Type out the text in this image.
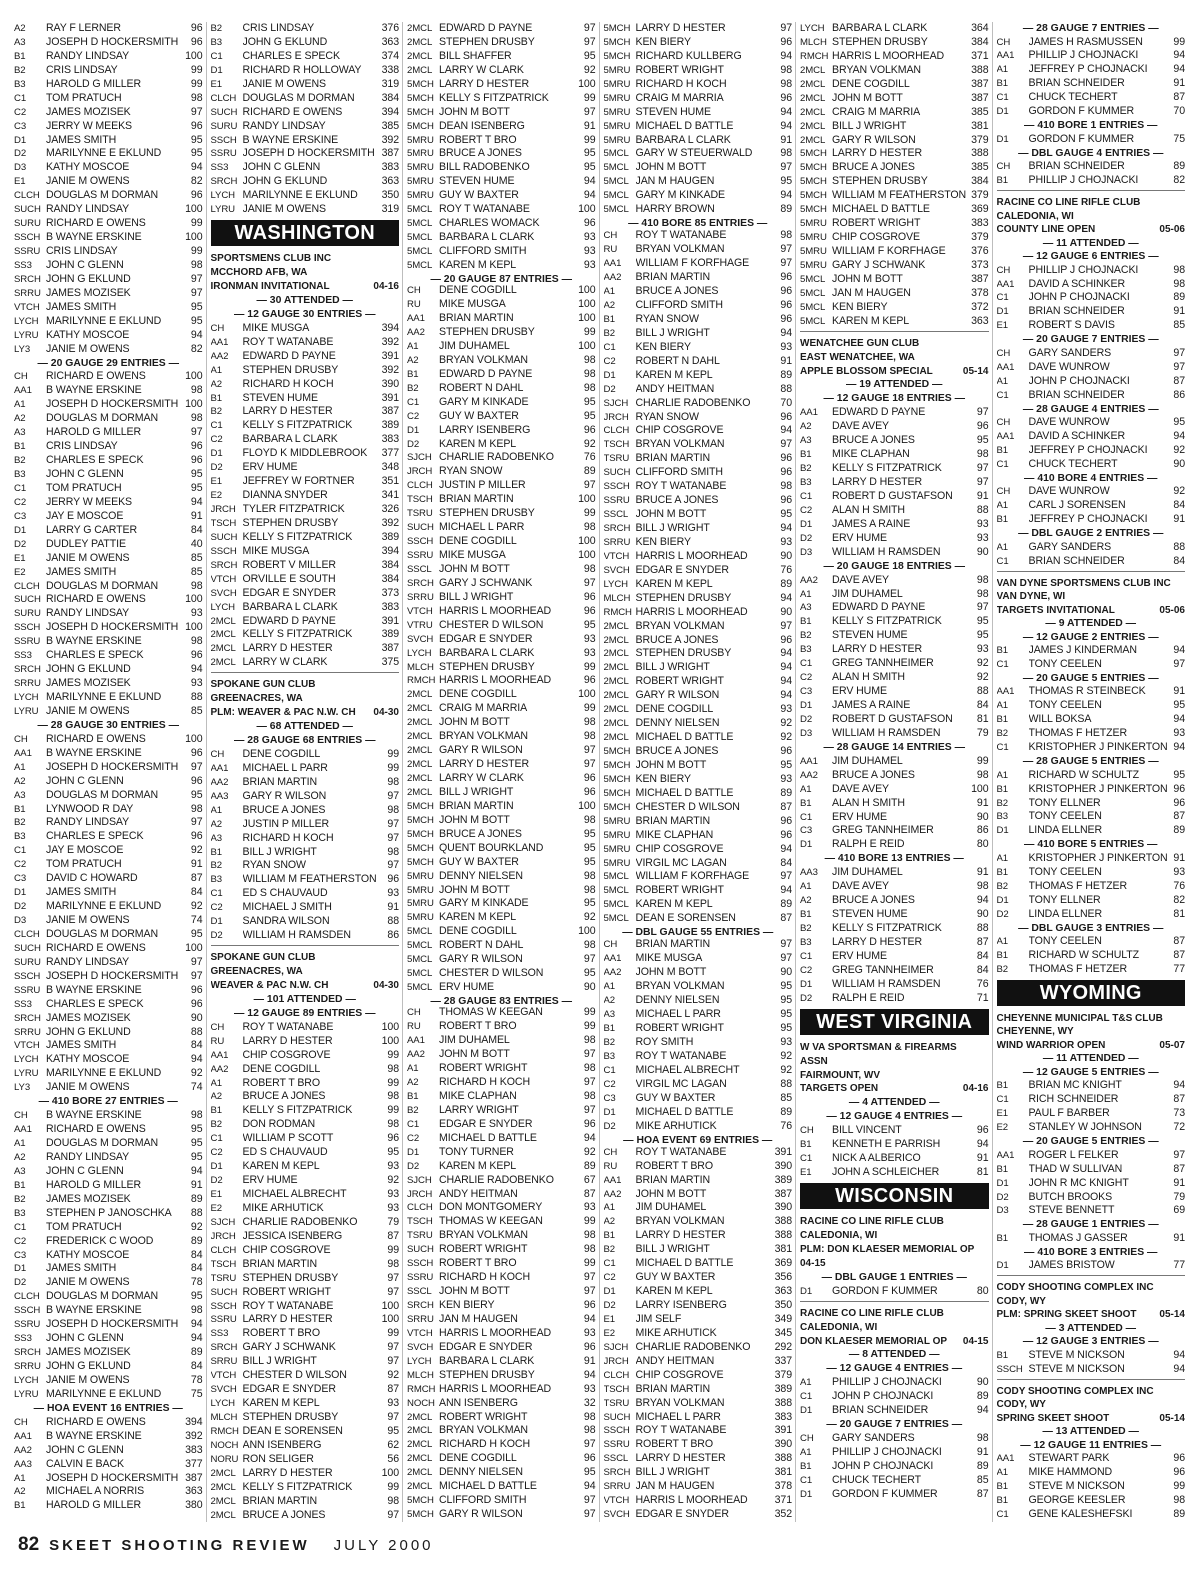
A2	RAY F LERNER	96
A3	JOSEPH D HOCKERSMITH	96
B1	RANDY LINDSAY	100
B2	CRIS LINDSAY	99
B3	HAROLD G MILLER	99
C1	TOM PRATUCH	98
C2	JAMES MOZISEK	97
C3	JERRY W MEEKS	96
D1	JAMES SMITH	95
D2	MARILYNNE E EKLUND	95
D3	KATHY MOSCOE	94
E1	JANIE M OWENS	82
CLCH DOUGLAS M DORMAN	96
SUCH RANDY LINDSAY	100
SURU RICHARD E OWENS	99
SSCH B WAYNE ERSKINE	100
SSRU CRIS LINDSAY	99
SS3	JOHN C GLENN	98
SRCH JOHN G EKLUND	97
SRRU JAMES MOZISEK	97
VTCH JAMES SMITH	95
LYCH MARILYNNE E EKLUND	95
LYRU KATHY MOSCOE	94
LY3	JANIE M OWENS	82
— 20 GAUGE 29 ENTRIES —
CH	RICHARD E OWENS	100
AA1	B WAYNE ERSKINE	98
A1	JOSEPH D HOCKERSMITH 100
A2	DOUGLAS M DORMAN	98
A3	HAROLD G MILLER	97
B1	CRIS LINDSAY	96
B2	CHARLES E SPECK	96
B3	JOHN C GLENN	95
C1	TOM PRATUCH	95
C2	JERRY W MEEKS	94
C3	JAY E MOSCOE	91
D1	LARRY G CARTER	84
D2	DUDLEY PATTIE	40
E1	JANIE M OWENS	85
E2	JAMES SMITH	85
CLCH DOUGLAS M DORMAN	98
SUCH RICHARD E OWENS	100
SURU RANDY LINDSAY	93
SSCH JOSEPH D HOCKERSMITH 100
SSRU B WAYNE ERSKINE	98
SS3	CHARLES E SPECK	96
SRCH JOHN G EKLUND	94
SRRU JAMES MOZISEK	93
LYCH MARILYNNE E EKLUND	88
LYRU JANIE M OWENS	85
— 28 GAUGE 30 ENTRIES —
CH	RICHARD E OWENS	100
AA1	B WAYNE ERSKINE	96
A1	JOSEPH D HOCKERSMITH	97
A2	JOHN C GLENN	96
A3	DOUGLAS M DORMAN	95
B1	LYNWOOD R DAY	98
B2	RANDY LINDSAY	97
B3	CHARLES E SPECK	96
C1	JAY E MOSCOE	92
C2	TOM PRATUCH	91
C3	DAVID C HOWARD	87
D1	JAMES SMITH	84
D2	MARILYNNE E EKLUND	92
D3	JANIE M OWENS	74
CLCH DOUGLAS M DORMAN	95
SUCH RICHARD E OWENS	100
SURU RANDY LINDSAY	97
SSCH JOSEPH D HOCKERSMITH	97
SSRU B WAYNE ERSKINE	96
SS3	CHARLES E SPECK	96
SRCH JAMES MOZISEK	90
SRRU JOHN G EKLUND	88
VTCH JAMES SMITH	84
LYCH KATHY MOSCOE	94
LYRU MARILYNNE E EKLUND	92
LY3	JANIE M OWENS	74
— 410 BORE 27 ENTRIES —
CH	B WAYNE ERSKINE	98
AA1	RICHARD E OWENS	95
A1	DOUGLAS M DORMAN	95
A2	RANDY LINDSAY	95
A3	JOHN C GLENN	94
B1	HAROLD G MILLER	91
B2	JAMES MOZISEK	89
B3	STEPHEN P JANOSCHKA	88
C1	TOM PRATUCH	92
C2	FREDERICK C WOOD	89
C3	KATHY MOSCOE	84
D1	JAMES SMITH	84
D2	JANIE M OWENS	78
CLCH DOUGLAS M DORMAN	95
SSCH B WAYNE ERSKINE	98
SSRU JOSEPH D HOCKERSMITH	94
SS3	JOHN C GLENN	94
SRCH JAMES MOZISEK	89
SRRU JOHN G EKLUND	84
LYCH JANIE M OWENS	78
LYRU MARILYNNE E EKLUND	75
— HOA EVENT 16 ENTRIES —
CH	RICHARD E OWENS	394
AA1	B WAYNE ERSKINE	392
AA2	JOHN C GLENN	383
AA3	CALVIN E BACK	377
A1	JOSEPH D HOCKERSMITH 387
A2	MICHAEL A NORRIS	363
B1	HAROLD G MILLER	380
B2	CRIS LINDSAY	376
B3	JOHN G EKLUND	363
C1	CHARLES E SPECK	374
D1	RICHARD R HOLLOWAY	338
E1	JANIE M OWENS	319
CLCH DOUGLAS M DORMAN	384
SUCH RICHARD E OWENS	394
SURU RANDY LINDSAY	385
SSCH B WAYNE ERSKINE	392
SSRU JOSEPH D HOCKERSMITH 387
SS3	JOHN C GLENN	383
SRCH JOHN G EKLUND	363
LYCH MARILYNNE E EKLUND	350
LYRU JANIE M OWENS	319
WASHINGTON
SPORTSMENS CLUB INC
MCCHORD AFB, WA
IRONMAN INVITATIONAL	04-16
— 30 ATTENDED —
— 12 GAUGE 30 ENTRIES —
CH	MIKE MUSGA	394
AA1	ROY T WATANABE	392
AA2	EDWARD D PAYNE	391
A1	STEPHEN DRUSBY	392
A2	RICHARD H KOCH	390
B1	STEVEN HUME	391
B2	LARRY D HESTER	387
C1	KELLY S FITZPATRICK	389
C2	BARBARA L CLARK	383
D1	FLOYD K MIDDLEBROOK	377
D2	ERV HUME	348
E1	JEFFREY W FORTNER	351
E2	DIANNA SNYDER	341
JRCH TYLER FITZPATRICK	326
TSCH STEPHEN DRUSBY	392
SUCH KELLY S FITZPATRICK	389
SSCH MIKE MUSGA	394
SRCH ROBERT V MILLER	384
VTCH ORVILLE E SOUTH	384
SVCH EDGAR E SNYDER	373
LYCH BARBARA L CLARK	383
2MCL EDWARD D PAYNE	391
2MCL KELLY S FITZPATRICK	389
2MCL LARRY D HESTER	387
2MCL LARRY W CLARK	375
SPOKANE GUN CLUB
GREENACRES, WA
PLM: WEAVER & PAC N.W. CH 04-30
— 68 ATTENDED —
— 28 GAUGE 68 ENTRIES —
CH	DENE COGDILL	99
AA1	MICHAEL L PARR	99
AA2	BRIAN MARTIN	98
AA3	GARY R WILSON	97
A1	BRUCE A JONES	98
A2	JUSTIN P MILLER	97
A3	RICHARD H KOCH	97
B1	BILL J WRIGHT	98
B2	RYAN SNOW	97
B3	WILLIAM M FEATHERSTON	96
C1	ED S CHAUVAUD	93
C2	MICHAEL J SMITH	91
D1	SANDRA WILSON	88
D2	WILLIAM H RAMSDEN	86
SPOKANE GUN CLUB
GREENACRES, WA
WEAVER & PAC N.W. CH	04-30
— 101 ATTENDED —
— 12 GAUGE 89 ENTRIES —
CH	ROY T WATANABE	100
RU	LARRY D HESTER	100
AA1	CHIP COSGROVE	99
AA2	DENE COGDILL	98
A1	ROBERT T BRO	99
A2	BRUCE A JONES	98
B1	KELLY S FITZPATRICK	99
B2	DON RODMAN	98
C1	WILLIAM P SCOTT	96
C2	ED S CHAUVAUD	95
D1	KAREN M KEPL	93
D2	ERV HUME	92
E1	MICHAEL ALBRECHT	93
E2	MIKE ARHUTICK	93
SJCH CHARLIE RADOBENKO	79
JRCH JESSICA ISENBERG	87
CLCH CHIP COSGROVE	99
TSCH BRIAN MARTIN	98
TSRU STEPHEN DRUSBY	97
SUCH ROBERT WRIGHT	97
SSCH ROY T WATANABE	100
SSRU LARRY D HESTER	100
SS3	ROBERT T BRO	99
SRCH GARY J SCHWANK	97
SRRU BILL J WRIGHT	97
VTCH CHESTER D WILSON	92
SVCH EDGAR E SNYDER	87
LYCH KAREN M KEPL	93
MLCH STEPHEN DRUSBY	97
RMCH DEAN E SORENSEN	95
NOCH ANN ISENBERG	62
NORU RON SELIGER	56
2MCL LARRY D HESTER	100
2MCL KELLY S FITZPATRICK	99
2MCL BRIAN MARTIN	98
2MCL BRUCE A JONES	97
2MCL EDWARD D PAYNE	97
2MCL STEPHEN DRUSBY	97
2MCL BILL SHAFFER	95
2MCL LARRY W CLARK	92
5MCH LARRY D HESTER	100
5MCH KELLY S FITZPATRICK	99
5MCH JOHN M BOTT	97
5MCH DEAN ISENBERG	91
5MRU ROBERT T BRO	99
5MRU BRUCE A JONES	95
5MRU BILL RADOBENKO	95
5MRU STEVEN HUME	94
5MRU GUY W BAXTER	94
5MCL ROY T WATANABE	100
5MCL CHARLES WOMACK	96
5MCL BARBARA L CLARK	93
5MCL CLIFFORD SMITH	93
5MCL KAREN M KEPL	93
— 20 GAUGE 87 ENTRIES —
CH	DENE COGDILL	100
RU	MIKE MUSGA	100
AA1	BRIAN MARTIN	100
AA2	STEPHEN DRUSBY	99
A1	JIM DUHAMEL	100
A2	BRYAN VOLKMAN	98
B1	EDWARD D PAYNE	98
B2	ROBERT N DAHL	98
C1	GARY M KINKADE	95
C2	GUY W BAXTER	95
D1	LARRY ISENBERG	96
D2	KAREN M KEPL	92
SJCH CHARLIE RADOBENKO	76
JRCH RYAN SNOW	89
CLCH JUSTIN P MILLER	97
TSCH BRIAN MARTIN	100
TSRU STEPHEN DRUSBY	99
SUCH MICHAEL L PARR	98
SSCH DENE COGDILL	100
SSRU MIKE MUSGA	100
SSCL JOHN M BOTT	98
SRCH GARY J SCHWANK	97
SRRU BILL J WRIGHT	96
VTCH HARRIS L MOORHEAD	96
VTRU CHESTER D WILSON	95
SVCH EDGAR E SNYDER	93
LYCH BARBARA L CLARK	93
MLCH STEPHEN DRUSBY	99
RMCH HARRIS L MOORHEAD	96
2MCL DENE COGDILL	100
2MCL CRAIG M MARRIA	99
2MCL JOHN M BOTT	98
2MCL BRYAN VOLKMAN	98
2MCL GARY R WILSON	97
2MCL LARRY D HESTER	97
2MCL LARRY W CLARK	96
2MCL BILL J WRIGHT	96
5MCH BRIAN MARTIN	100
5MCH JOHN M BOTT	98
5MCH BRUCE A JONES	95
5MCH QUENT BOURKLAND	95
5MCH GUY W BAXTER	95
5MRU DENNY NIELSEN	98
5MRU JOHN M BOTT	98
5MRU GARY M KINKADE	95
5MRU KAREN M KEPL	92
5MCL DENE COGDILL	100
5MCL ROBERT N DAHL	98
5MCL GARY R WILSON	97
5MCL CHESTER D WILSON	95
5MCL ERV HUME	90
— 28 GAUGE 83 ENTRIES —
CH	THOMAS W KEEGAN	99
RU	ROBERT T BRO	99
AA1	JIM DUHAMEL	98
AA2	JOHN M BOTT	97
A1	ROBERT WRIGHT	98
A2	RICHARD H KOCH	97
B1	MIKE CLAPHAN	98
B2	LARRY WRIGHT	97
C1	EDGAR E SNYDER	96
C2	MICHAEL D BATTLE	94
D1	TONY TURNER	92
D2	KAREN M KEPL	89
SJCH CHARLIE RADOBENKO	67
JRCH ANDY HEITMAN	87
CLCH DON MONTGOMERY	93
TSCH THOMAS W KEEGAN	99
TSRU BRYAN VOLKMAN	98
SUCH ROBERT WRIGHT	98
SSCH ROBERT T BRO	99
SSRU RICHARD H KOCH	97
SSCL JOHN M BOTT	97
SRCH KEN BIERY	96
SRRU JAN M HAUGEN	94
VTCH HARRIS L MOORHEAD	93
SVCH EDGAR E SNYDER	96
LYCH BARBARA L CLARK	91
MLCH STEPHEN DRUSBY	94
RMCH HARRIS L MOORHEAD	93
NOCH ANN ISENBERG	32
2MCL ROBERT WRIGHT	98
2MCL BRYAN VOLKMAN	98
2MCL RICHARD H KOCH	97
2MCL DENE COGDILL	96
2MCL DENNY NIELSEN	95
2MCL MICHAEL D BATTLE	94
5MCH CLIFFORD SMITH	97
5MCH GARY R WILSON	97
5MCH LARRY D HESTER	97
5MCH KEN BIERY	96
5MCH RICHARD KULLBERG	94
5MRU ROBERT WRIGHT	98
5MRU RICHARD H KOCH	98
5MRU CRAIG M MARRIA	96
5MRU STEVEN HUME	94
5MRU MICHAEL D BATTLE	94
5MRU BARBARA L CLARK	91
5MCL GARY W STEUERWALD	98
5MCL JOHN M BOTT	97
5MCL JAN M HAUGEN	95
5MCL GARY M KINKADE	94
5MCL HARRY BROWN	89
— 410 BORE 85 ENTRIES —
CH	ROY T WATANABE	98
RU	BRYAN VOLKMAN	97
AA1	WILLIAM F KORFHAGE	97
AA2	BRIAN MARTIN	96
A1	BRUCE A JONES	96
A2	CLIFFORD SMITH	96
B1	RYAN SNOW	96
B2	BILL J WRIGHT	94
C1	KEN BIERY	93
C2	ROBERT N DAHL	91
D1	KAREN M KEPL	89
D2	ANDY HEITMAN	88
SJCH CHARLIE RADOBENKO	70
JRCH RYAN SNOW	96
CLCH CHIP COSGROVE	94
TSCH BRYAN VOLKMAN	97
TSRU BRIAN MARTIN	96
SUCH CLIFFORD SMITH	96
SSCH ROY T WATANABE	98
SSRU BRUCE A JONES	96
SSCL JOHN M BOTT	95
SRCH BILL J WRIGHT	94
SRRU KEN BIERY	93
VTCH HARRIS L MOORHEAD	90
SVCH EDGAR E SNYDER	76
LYCH KAREN M KEPL	89
MLCH STEPHEN DRUSBY	94
RMCH HARRIS L MOORHEAD	90
2MCL BRYAN VOLKMAN	97
2MCL BRUCE A JONES	96
2MCL STEPHEN DRUSBY	94
2MCL BILL J WRIGHT	94
2MCL ROBERT WRIGHT	94
2MCL GARY R WILSON	94
2MCL DENE COGDILL	93
2MCL DENNY NIELSEN	92
2MCL MICHAEL D BATTLE	92
5MCH BRUCE A JONES	96
5MCH JOHN M BOTT	95
5MCH KEN BIERY	93
5MCH MICHAEL D BATTLE	89
5MCH CHESTER D WILSON	87
5MRU BRIAN MARTIN	96
5MRU MIKE CLAPHAN	96
5MRU CHIP COSGROVE	94
5MRU VIRGIL MC LAGAN	84
5MCL WILLIAM F KORFHAGE	97
5MCL ROBERT WRIGHT	94
5MCL KAREN M KEPL	89
5MCL DEAN E SORENSEN	87
— DBL GAUGE 55 ENTRIES —
CH	BRIAN MARTIN	97
AA1	MIKE MUSGA	97
AA2	JOHN M BOTT	90
A1	BRYAN VOLKMAN	95
A2	DENNY NIELSEN	95
A3	MICHAEL L PARR	95
B1	ROBERT WRIGHT	95
B2	ROY SMITH	93
B3	ROY T WATANABE	92
C1	MICHAEL ALBRECHT	92
C2	VIRGIL MC LAGAN	88
C3	GUY W BAXTER	85
D1	MICHAEL D BATTLE	89
D2	MIKE ARHUTICK	76
— HOA EVENT 69 ENTRIES —
CH	ROY T WATANABE	391
RU	ROBERT T BRO	390
AA1	BRIAN MARTIN	389
AA2	JOHN M BOTT	387
A1	JIM DUHAMEL	390
A2	BRYAN VOLKMAN	388
B1	LARRY D HESTER	388
B2	BILL J WRIGHT	381
C1	MICHAEL D BATTLE	369
C2	GUY W BAXTER	356
D1	KAREN M KEPL	363
D2	LARRY ISENBERG	350
E1	JIM SELF	349
E2	MIKE ARHUTICK	345
SJCH CHARLIE RADOBENKO	292
JRCH ANDY HEITMAN	337
CLCH CHIP COSGROVE	379
TSCH BRIAN MARTIN	389
TSRU BRYAN VOLKMAN	388
SUCH MICHAEL L PARR	383
SSCH ROY T WATANABE	391
SSRU ROBERT T BRO	390
SSCL LARRY D HESTER	388
SRCH BILL J WRIGHT	381
SRRU JAN M HAUGEN	378
VTCH HARRIS L MOORHEAD	371
SVCH EDGAR E SNYDER	352
LYCH BARBARA L CLARK	364
MLCH STEPHEN DRUSBY	384
RMCH HARRIS L MOORHEAD	371
2MCL BRYAN VOLKMAN	388
2MCL DENE COGDILL	387
2MCL JOHN M BOTT	387
2MCL CRAIG M MARRIA	385
2MCL BILL J WRIGHT	381
2MCL GARY R WILSON	379
5MCH LARRY D HESTER	388
5MCH BRUCE A JONES	385
5MCH STEPHEN DRUSBY	384
5MCH WILLIAM M FEATHERSTON 379
5MCH MICHAEL D BATTLE	369
5MRU ROBERT WRIGHT	383
5MRU CHIP COSGROVE	379
5MRU WILLIAM F KORFHAGE	376
5MRU GARY J SCHWANK	373
5MCL JOHN M BOTT	387
5MCL JAN M HAUGEN	378
5MCL KEN BIERY	372
5MCL KAREN M KEPL	363
WENATCHEE GUN CLUB
EAST WENATCHEE, WA
APPLE BLOSSOM SPECIAL	05-14
— 19 ATTENDED —
— 12 GAUGE 18 ENTRIES —
AA1	EDWARD D PAYNE	97
A2	DAVE AVEY	96
A3	BRUCE A JONES	95
B1	MIKE CLAPHAN	98
B2	KELLY S FITZPATRICK	97
B3	LARRY D HESTER	97
C1	ROBERT D GUSTAFSON	91
C2	ALAN H SMITH	88
D1	JAMES A RAINE	93
D2	ERV HUME	93
D3	WILLIAM H RAMSDEN	90
— 20 GAUGE 18 ENTRIES —
AA2	DAVE AVEY	98
A1	JIM DUHAMEL	98
A3	EDWARD D PAYNE	97
B1	KELLY S FITZPATRICK	95
B2	STEVEN HUME	95
B3	LARRY D HESTER	93
C1	GREG TANNHEIMER	92
C2	ALAN H SMITH	92
C3	ERV HUME	88
D1	JAMES A RAINE	84
D2	ROBERT D GUSTAFSON	81
D3	WILLIAM H RAMSDEN	79
— 28 GAUGE 14 ENTRIES —
AA1	JIM DUHAMEL	99
AA2	BRUCE A JONES	98
A1	DAVE AVEY	100
B1	ALAN H SMITH	91
C1	ERV HUME	90
C3	GREG TANNHEIMER	86
D1	RALPH E REID	80
— 410 BORE 13 ENTRIES —
AA3	JIM DUHAMEL	91
A1	DAVE AVEY	98
A2	BRUCE A JONES	94
B1	STEVEN HUME	90
B2	KELLY S FITZPATRICK	88
B3	LARRY D HESTER	87
C1	ERV HUME	84
C2	GREG TANNHEIMER	84
D1	WILLIAM H RAMSDEN	76
D2	RALPH E REID	71
WEST VIRGINIA
W VA SPORTSMAN & FIREARMS
ASSN
FAIRMOUNT, WV
TARGETS OPEN	04-16
— 4 ATTENDED —
— 12 GAUGE 4 ENTRIES —
CH	BILL VINCENT	96
B1	KENNETH E PARRISH	94
C1	NICK A ALBERICO	91
E1	JOHN A SCHLEICHER	81
WISCONSIN
RACINE CO LINE RIFLE CLUB
CALEDONIA, WI
PLM: DON KLAESER MEMORIAL OP
04-15
— DBL GAUGE 1 ENTRIES —
D1	GORDON F KUMMER	80
RACINE CO LINE RIFLE CLUB
CALEDONIA, WI
DON KLAESER MEMORIAL OP 04-15
— 8 ATTENDED —
— 12 GAUGE 4 ENTRIES —
A1	PHILLIP J CHOJNACKI	90
C1	JOHN P CHOJNACKI	89
D1	BRIAN SCHNEIDER	94
— 20 GAUGE 7 ENTRIES —
CH	GARY SANDERS	98
A1	PHILLIP J CHOJNACKI	91
B1	JOHN P CHOJNACKI	89
C1	CHUCK TECHERT	85
D1	GORDON F KUMMER	87
— 28 GAUGE 7 ENTRIES —
CH	JAMES H RASMUSSEN	99
AA1	PHILLIP J CHOJNACKI	94
A1	JEFFREY P CHOJNACKI	94
B1	BRIAN SCHNEIDER	91
C1	CHUCK TECHERT	87
D1	GORDON F KUMMER	70
— 410 BORE 1 ENTRIES —
D1	GORDON F KUMMER	75
— DBL GAUGE 4 ENTRIES —
CH	BRIAN SCHNEIDER	89
B1	PHILLIP J CHOJNACKI	82
RACINE CO LINE RIFLE CLUB
CALEDONIA, WI
COUNTY LINE OPEN	05-06
— 11 ATTENDED —
— 12 GAUGE 6 ENTRIES —
CH	PHILLIP J CHOJNACKI	98
AA1	DAVID A SCHINKER	98
C1	JOHN P CHOJNACKI	89
D1	BRIAN SCHNEIDER	91
E1	ROBERT S DAVIS	85
— 20 GAUGE 7 ENTRIES —
CH	GARY SANDERS	97
AA1	DAVE WUNROW	97
A1	JOHN P CHOJNACKI	87
C1	BRIAN SCHNEIDER	86
— 28 GAUGE 4 ENTRIES —
CH	DAVE WUNROW	95
AA1	DAVID A SCHINKER	94
B1	JEFFREY P CHOJNACKI	92
C1	CHUCK TECHERT	90
— 410 BORE 4 ENTRIES —
CH	DAVE WUNROW	92
A1	CARL J SORENSEN	84
B1	JEFFREY P CHOJNACKI	91
— DBL GAUGE 2 ENTRIES —
A1	GARY SANDERS	88
C1	BRIAN SCHNEIDER	84
VAN DYNE SPORTSMENS CLUB INC
VAN DYNE, WI
TARGETS INVITATIONAL	05-06
— 9 ATTENDED —
— 12 GAUGE 2 ENTRIES —
B1	JAMES J KINDERMAN	94
C1	TONY CEELEN	97
— 20 GAUGE 5 ENTRIES —
AA1	THOMAS R STEINBECK	91
A1	TONY CEELEN	95
B1	WILL BOKSA	94
B2	THOMAS F HETZER	93
C1	KRISTOPHER J PINKERTON 94
— 28 GAUGE 5 ENTRIES —
A1	RICHARD W SCHULTZ	95
B1	KRISTOPHER J PINKERTON 96
B2	TONY ELLNER	96
B3	TONY CEELEN	87
D1	LINDA ELLNER	89
— 410 BORE 5 ENTRIES —
A1	KRISTOPHER J PINKERTON 91
B1	TONY CEELEN	93
B2	THOMAS F HETZER	76
D1	TONY ELLNER	82
D2	LINDA ELLNER	81
— DBL GAUGE 3 ENTRIES —
A1	TONY CEELEN	87
B1	RICHARD W SCHULTZ	87
B2	THOMAS F HETZER	77
WYOMING
CHEYENNE MUNICIPAL T&S CLUB
CHEYENNE, WY
WIND WARRIOR OPEN	05-07
— 11 ATTENDED —
— 12 GAUGE 5 ENTRIES —
B1	BRIAN MC KNIGHT	94
C1	RICH SCHNEIDER	87
E1	PAUL F BARBER	73
E2	STANLEY W JOHNSON	72
— 20 GAUGE 5 ENTRIES —
AA1	ROGER L FELKER	97
B1	THAD W SULLIVAN	87
D1	JOHN R MC KNIGHT	91
D2	BUTCH BROOKS	79
D3	STEVE BENNETT	69
— 28 GAUGE 1 ENTRIES —
B1	THOMAS J GASSER	91
— 410 BORE 3 ENTRIES —
D1	JAMES BRISTOW	77
CODY SHOOTING COMPLEX INC
CODY, WY
PLM: SPRING SKEET SHOOT 05-14
— 3 ATTENDED —
— 12 GAUGE 3 ENTRIES —
B1	STEVE M NICKSON	94
SSCH STEVE M NICKSON	94
CODY SHOOTING COMPLEX INC
CODY, WY
SPRING SKEET SHOOT	05-14
— 13 ATTENDED —
— 12 GAUGE 11 ENTRIES —
AA1	STEWART PARK	96
A1	MIKE HAMMOND	96
B1	STEVE M NICKSON	99
B1	GEORGE KEESLER	98
C1	GENE KALESHEFSKI	89
82 SKEET SHOOTING REVIEW JULY 2000
